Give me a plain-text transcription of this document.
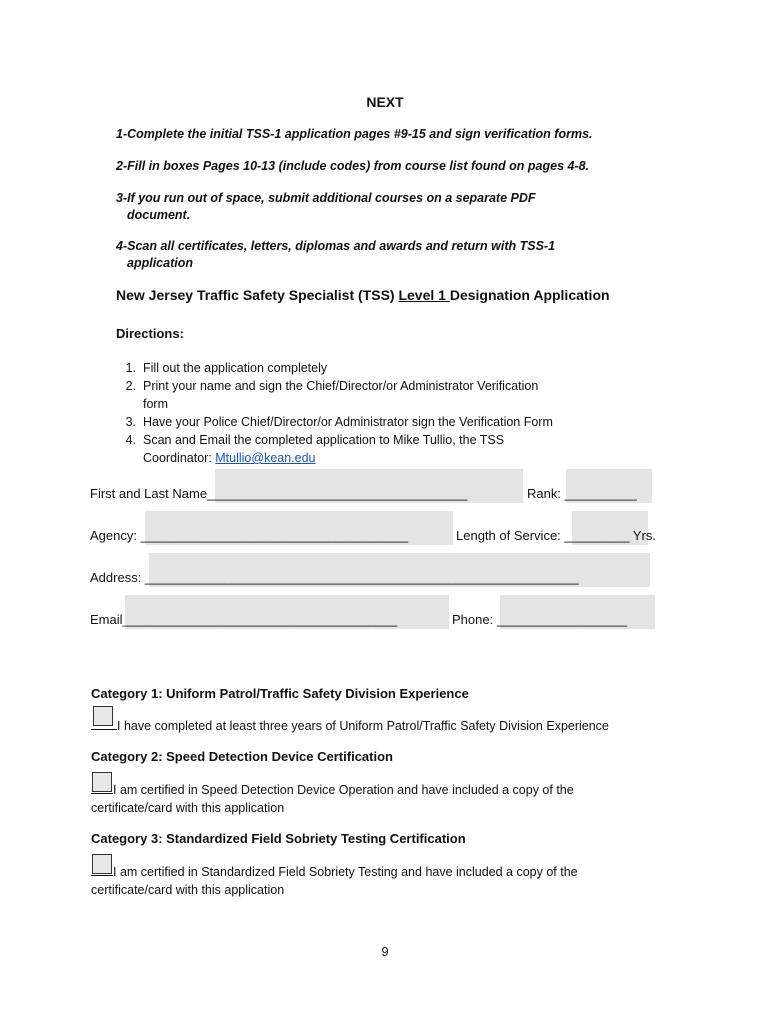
NEXT
1-Complete the initial TSS-1 application pages #9-15 and sign verification forms.
2-Fill in boxes Pages 10-13 (include codes) from course list found on pages 4-8.
3-If you run out of space, submit additional courses on a separate PDF
document.
4-Scan all certificates, letters, diplomas and awards and return with TSS-1
application
New Jersey Traffic Safety Specialist (TSS) Level 1 Designation Application
Directions:
1. Fill out the application completely
2. Print your name and sign the Chief/Director/or Administrator Verification
form
3. Have your Police Chief/Director/or Administrator sign the Verification Form
4. Scan and Email the completed application to Mike Tullio, the TSS
Coordinator: Mtullio@kean.edu
First and Last Name____________________________________	Rank: __________
Agency: _____________________________________	Length of Service: _________ Yrs.
Address: ____________________________________________________________
Email______________________________________	Phone: __________________
Category 1: Uniform Patrol/Traffic Safety Division Experience
I have completed at least three years of Uniform Patrol/Traffic Safety Division Experience
Category 2: Speed Detection Device Certification
I am certified in Speed Detection Device Operation and have included a copy of the
certificate/card with this application
Category 3: Standardized Field Sobriety Testing Certification
I am certified in Standardized Field Sobriety Testing and have included a copy of the
certificate/card with this application
9
